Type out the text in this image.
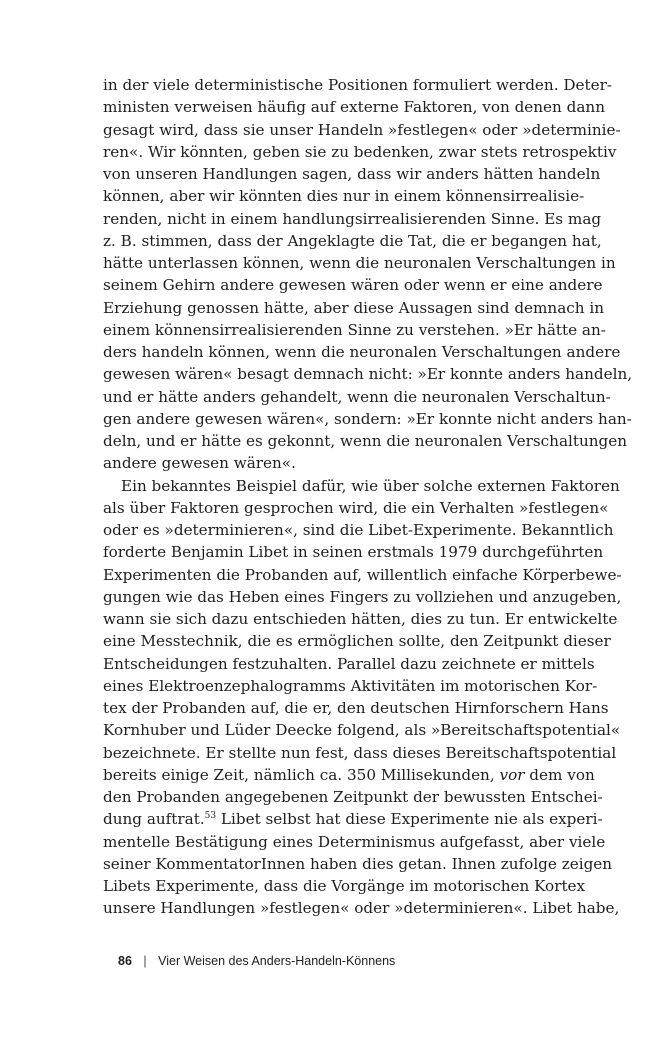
in der viele deterministische Positionen formuliert werden. Deter-
ministen verweisen häufig auf externe Faktoren, von denen dann
gesagt wird, dass sie unser Handeln »festlegen« oder »determinie-
ren«. Wir könnten, geben sie zu bedenken, zwar stets retrospektiv
von unseren Handlungen sagen, dass wir anders hätten handeln
können, aber wir könnten dies nur in einem könnensirrealisie-
renden, nicht in einem handlungsirrealisierenden Sinne. Es mag
z. B. stimmen, dass der Angeklagte die Tat, die er begangen hat,
hätte unterlassen können, wenn die neuronalen Verschaltungen in
seinem Gehirn andere gewesen wären oder wenn er eine andere
Erziehung genossen hätte, aber diese Aussagen sind demnach in
einem könnensirrealisierenden Sinne zu verstehen. »Er hätte an-
ders handeln können, wenn die neuronalen Verschaltungen andere
gewesen wären« besagt demnach nicht: »Er konnte anders handeln,
und er hätte anders gehandelt, wenn die neuronalen Verschaltun-
gen andere gewesen wären«, sondern: »Er konnte nicht anders han-
deln, und er hätte es gekonnt, wenn die neuronalen Verschaltungen
andere gewesen wären«.
Ein bekanntes Beispiel dafür, wie über solche externen Faktoren
als über Faktoren gesprochen wird, die ein Verhalten »festlegen«
oder es »determinieren«, sind die Libet-Experimente. Bekanntlich
forderte Benjamin Libet in seinen erstmals 1979 durchgeführten
Experimenten die Probanden auf, willentlich einfache Körperbewe-
gungen wie das Heben eines Fingers zu vollziehen und anzugeben,
wann sie sich dazu entschieden hätten, dies zu tun. Er entwickelte
eine Messtechnik, die es ermöglichen sollte, den Zeitpunkt dieser
Entscheidungen festzuhalten. Parallel dazu zeichnete er mittels
eines Elektroenzephalogramms Aktivitäten im motorischen Kor-
tex der Probanden auf, die er, den deutschen Hirnforschern Hans
Kornhuber und Lüder Deecke folgend, als »Bereitschaftspotential«
bezeichnete. Er stellte nun fest, dass dieses Bereitschaftspotential
bereits einige Zeit, nämlich ca. 350 Millisekunden, vor dem von
den Probanden angegebenen Zeitpunkt der bewussten Entschei-
dung auftrat.$^{53}$ Libet selbst hat diese Experimente nie als experi-
mentelle Bestätigung eines Determinismus aufgefasst, aber viele
seiner KommentatorInnen haben dies getan. Ihnen zufolge zeigen
Libets Experimente, dass die Vorgänge im motorischen Kortex
unsere Handlungen »festlegen« oder »determinieren«. Libet habe,
86 | Vier Weisen des Anders-Handeln-Könnens
